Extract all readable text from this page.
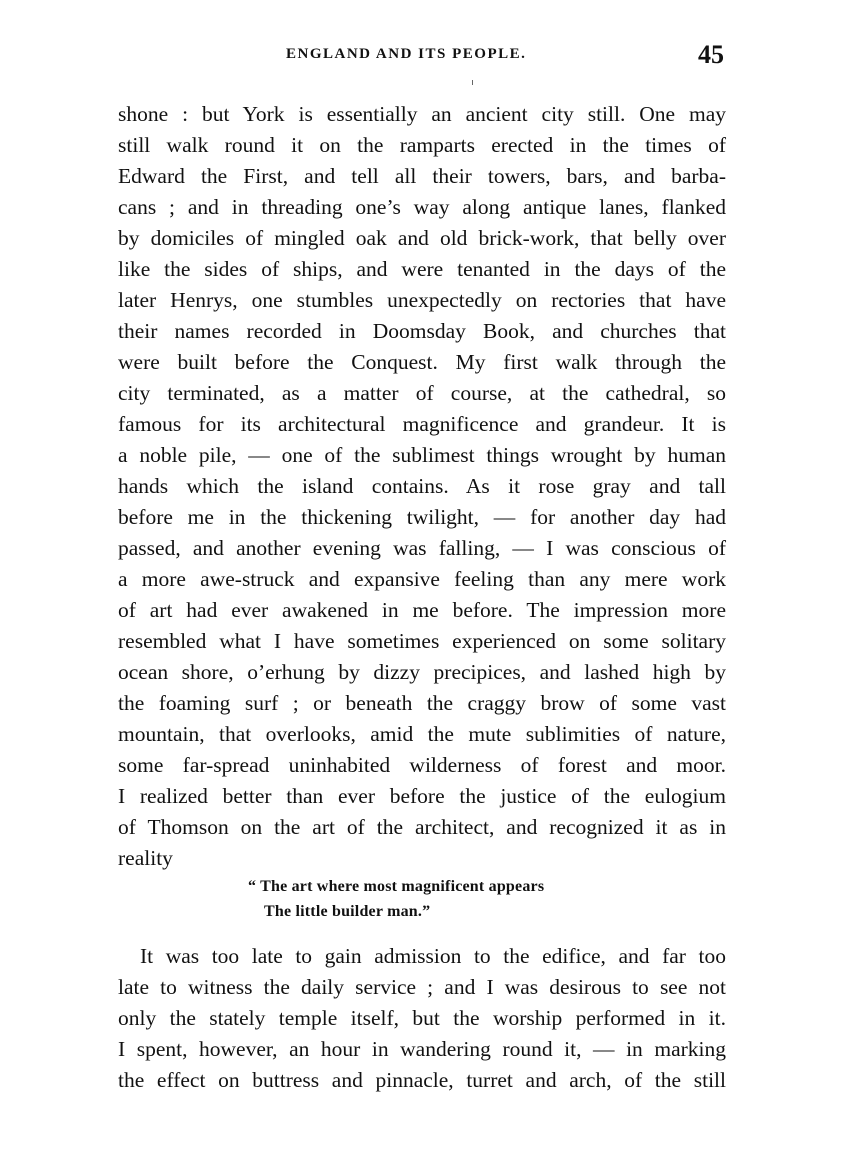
ENGLAND AND ITS PEOPLE.	45
shone : but York is essentially an ancient city still. One may
still walk round it on the ramparts erected in the times of
Edward the First, and tell all their towers, bars, and barba-
cans ; and in threading one’s way along antique lanes, flanked
by domiciles of mingled oak and old brick-work, that belly over
like the sides of ships, and were tenanted in the days of the
later Henrys, one stumbles unexpectedly on rectories that have
their names recorded in Doomsday Book, and churches that
were built before the Conquest. My first walk through the
city terminated, as a matter of course, at the cathedral, so
famous for its architectural magnificence and grandeur. It is
a noble pile, — one of the sublimest things wrought by human
hands which the island contains. As it rose gray and tall
before me in the thickening twilight, — for another day had
passed, and another evening was falling, — I was conscious of
a more awe-struck and expansive feeling than any mere work
of art had ever awakened in me before. The impression more
resembled what I have sometimes experienced on some solitary
ocean shore, o’erhung by dizzy precipices, and lashed high by
the foaming surf ; or beneath the craggy brow of some vast
mountain, that overlooks, amid the mute sublimities of nature,
some far-spread uninhabited wilderness of forest and moor.
I realized better than ever before the justice of the eulogium
of Thomson on the art of the architect, and recognized it as in
reality
“ The art where most magnificent appears
The little builder man.”
It was too late to gain admission to the edifice, and far too
late to witness the daily service ; and I was desirous to see not
only the stately temple itself, but the worship performed in it.
I spent, however, an hour in wandering round it, — in marking
the effect on buttress and pinnacle, turret and arch, of the still
